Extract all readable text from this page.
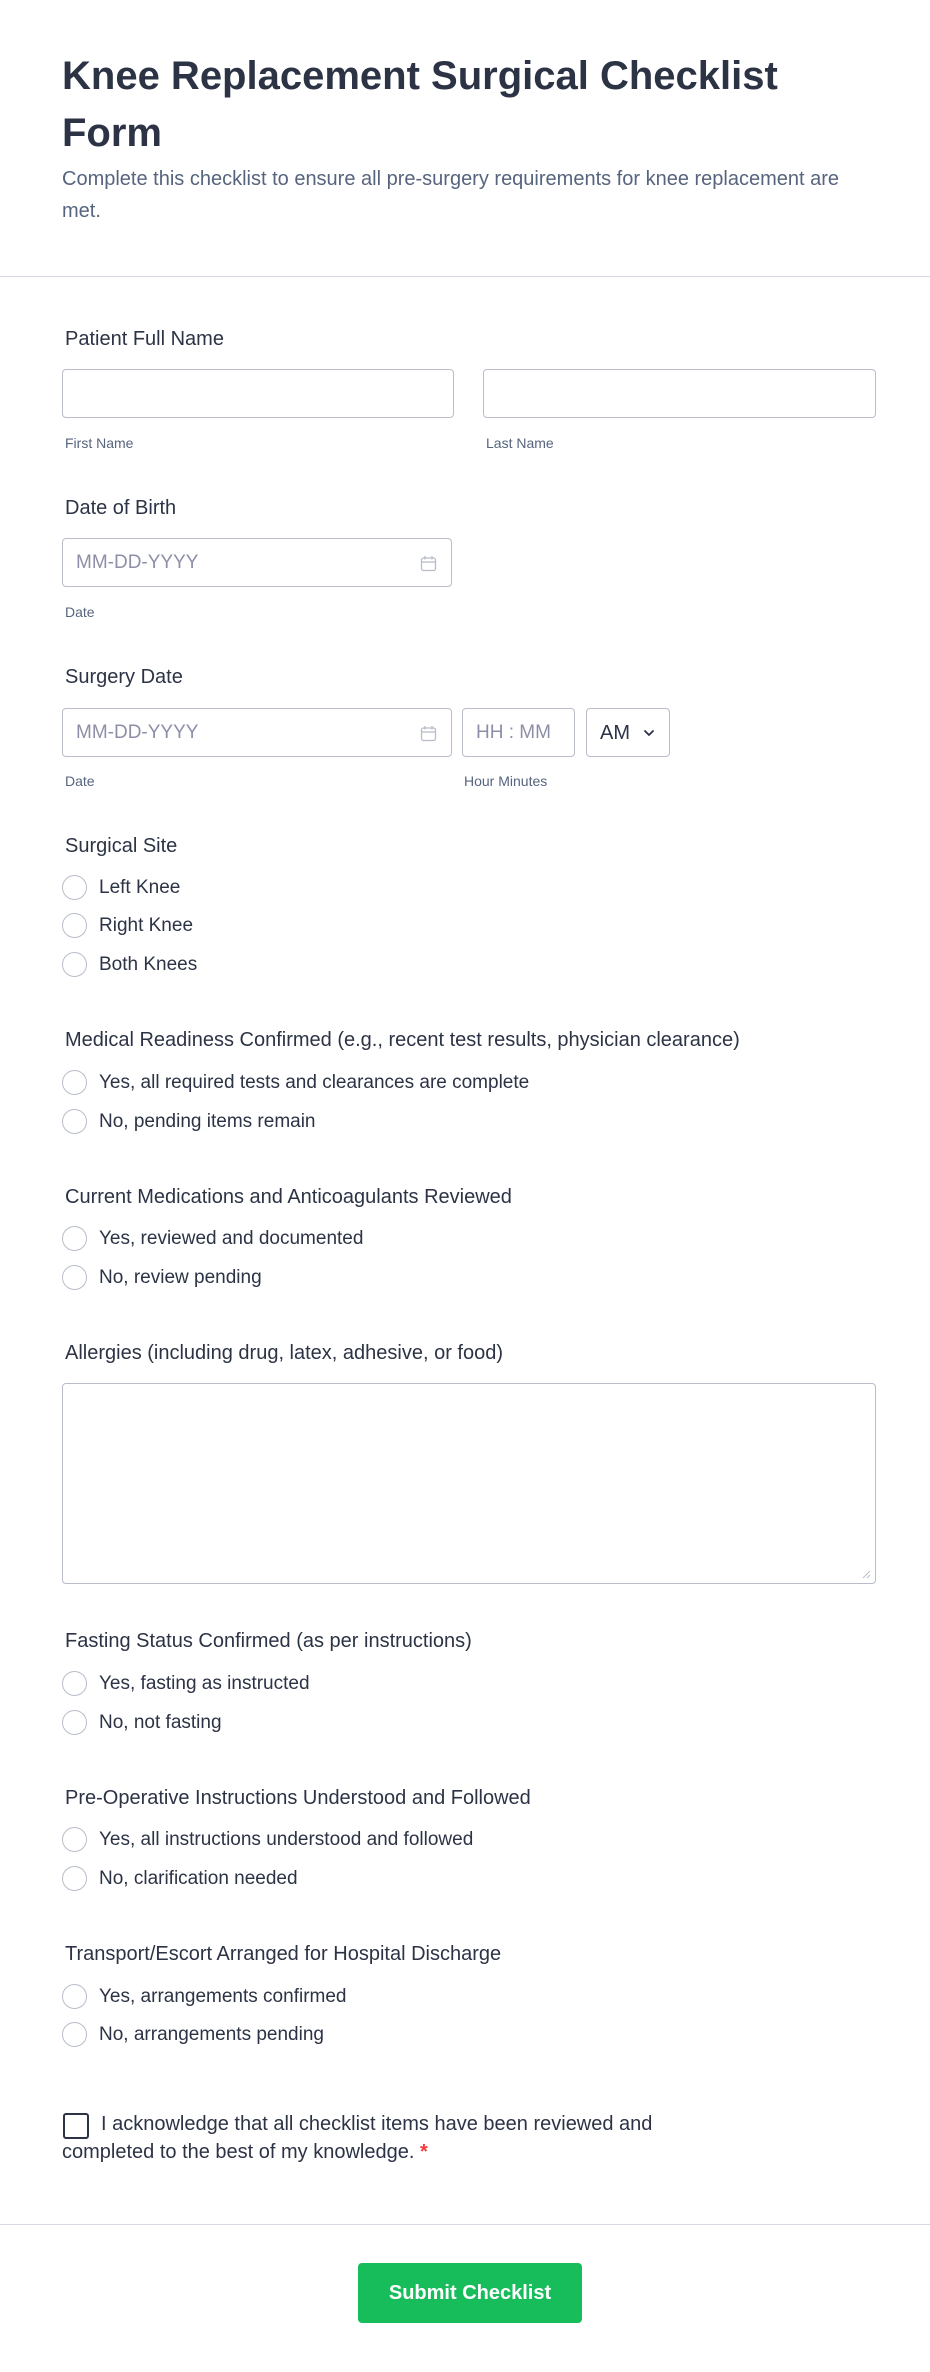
Knee Replacement Surgical Checklist Form
Complete this checklist to ensure all pre-surgery requirements for knee replacement are met.
Patient Full Name
First Name	Last Name
Date of Birth
MM-DD-YYYY
Date
Surgery Date
MM-DD-YYYY	HH : MM AM
Date	Hour Minutes
Surgical Site
Left Knee
Right Knee
Both Knees
Medical Readiness Confirmed (e.g., recent test results, physician clearance)
Yes, all required tests and clearances are complete
No, pending items remain
Current Medications and Anticoagulants Reviewed
Yes, reviewed and documented
No, review pending
Allergies (including drug, latex, adhesive, or food)
Fasting Status Confirmed (as per instructions)
Yes, fasting as instructed
No, not fasting
Pre-Operative Instructions Understood and Followed
Yes, all instructions understood and followed
No, clarification needed
Transport/Escort Arranged for Hospital Discharge
Yes, arrangements confirmed
No, arrangements pending
I acknowledge that all checklist items have been reviewed and completed to the best of my knowledge. *
Submit Checklist
